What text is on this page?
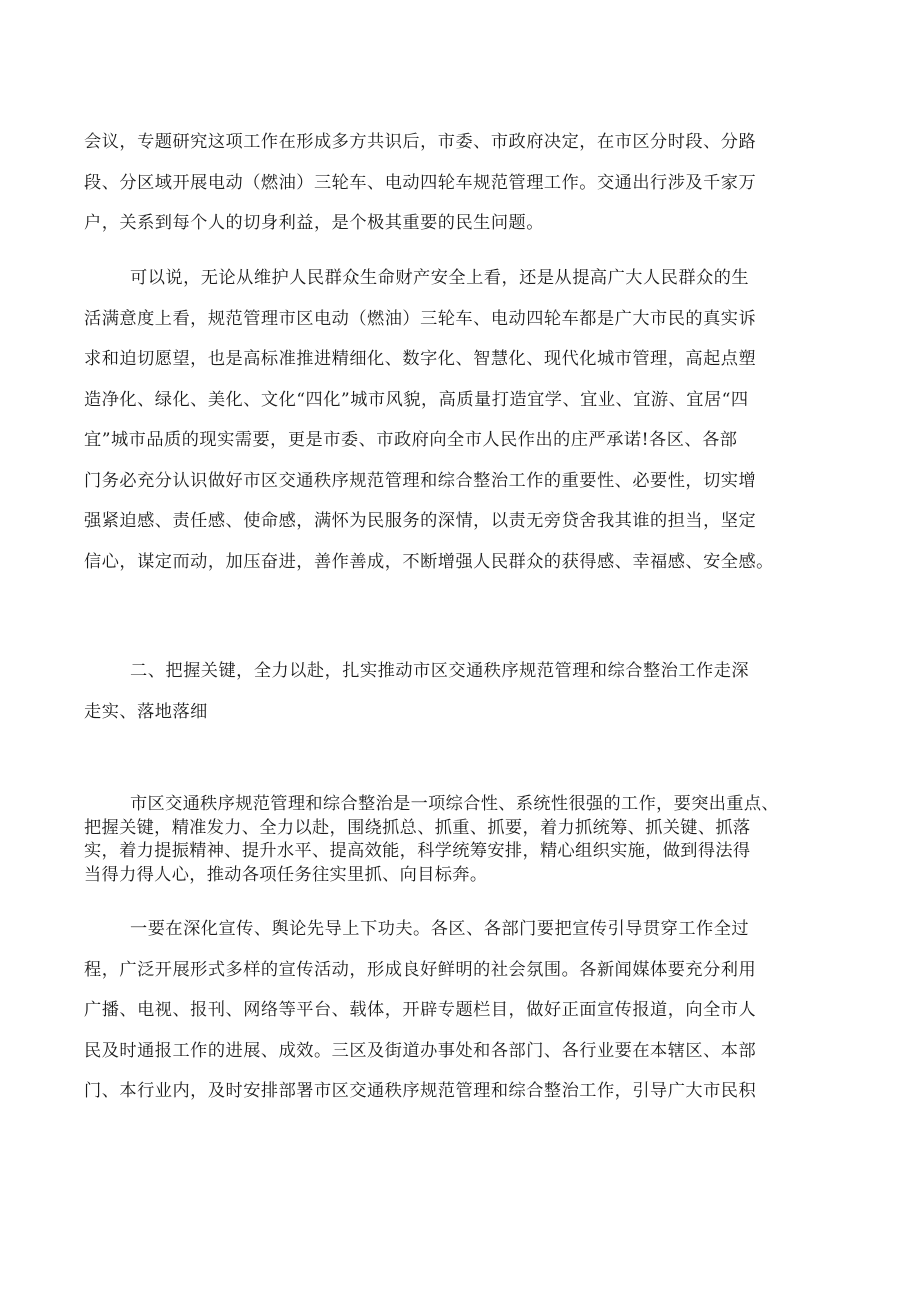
会议，专题研究这项工作在形成多方共识后，市委、市政府决定，在市区分时段、分路
段、分区域开展电动（燃油）三轮车、电动四轮车规范管理工作。交通出行涉及千家万
户，关系到每个人的切身利益，是个极其重要的民生问题。
可以说，无论从维护人民群众生命财产安全上看，还是从提高广大人民群众的生
活满意度上看，规范管理市区电动（燃油）三轮车、电动四轮车都是广大市民的真实诉
求和迫切愿望，也是高标准推进精细化、数字化、智慧化、现代化城市管理，高起点塑
造净化、绿化、美化、文化“四化”城市风貌，高质量打造宜学、宜业、宜游、宜居“四
宜”城市品质的现实需要，更是市委、市政府向全市人民作出的庄严承诺!各区、各部
门务必充分认识做好市区交通秩序规范管理和综合整治工作的重要性、必要性，切实增
强紧迫感、责任感、使命感，满怀为民服务的深情，以责无旁贷舍我其谁的担当，坚定
信心，谋定而动，加压奋进，善作善成，不断增强人民群众的获得感、幸福感、安全感。
二、把握关键，全力以赴，扎实推动市区交通秩序规范管理和综合整治工作走深
走实、落地落细
市区交通秩序规范管理和综合整治是一项综合性、系统性很强的工作，要突出重点、
把握关键，精准发力、全力以赴，围绕抓总、抓重、抓要，着力抓统筹、抓关键、抓落
实，着力提振精神、提升水平、提高效能，科学统筹安排，精心组织实施，做到得法得
当得力得人心，推动各项任务往实里抓、向目标奔。
一要在深化宣传、舆论先导上下功夫。各区、各部门要把宣传引导贯穿工作全过
程，广泛开展形式多样的宣传活动，形成良好鲜明的社会氛围。各新闻媒体要充分利用
广播、电视、报刊、网络等平台、载体，开辟专题栏目，做好正面宣传报道，向全市人
民及时通报工作的进展、成效。三区及街道办事处和各部门、各行业要在本辖区、本部
门、本行业内，及时安排部署市区交通秩序规范管理和综合整治工作，引导广大市民积
